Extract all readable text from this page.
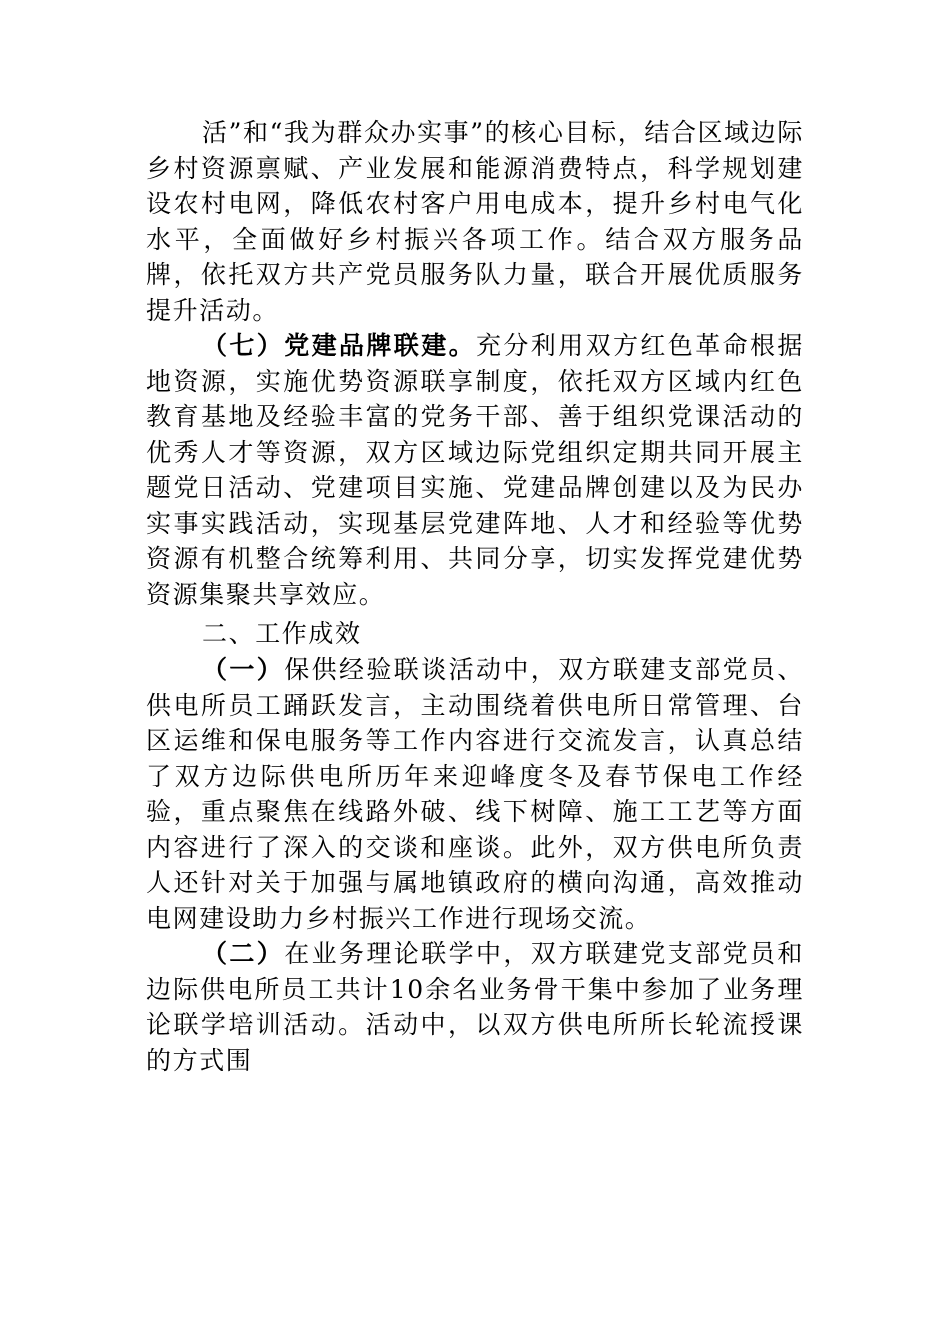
活”和“我为群众办实事”的核心目标，结合区域边际乡村资源禀赋、产业发展和能源消费特点，科学规划建设农村电网，降低农村客户用电成本，提升乡村电气化水平，全面做好乡村振兴各项工作。结合双方服务品牌，依托双方共产党员服务队力量，联合开展优质服务提升活动。

（七）党建品牌联建。充分利用双方红色革命根据地资源，实施优势资源联享制度，依托双方区域内红色教育基地及经验丰富的党务干部、善于组织党课活动的优秀人才等资源，双方区域边际党组织定期共同开展主题党日活动、党建项目实施、党建品牌创建以及为民办实事实践活动，实现基层党建阵地、人才和经验等优势资源有机整合统筹利用、共同分享，切实发挥党建优势资源集聚共享效应。

二、工作成效

（一）保供经验联谈活动中，双方联建支部党员、供电所员工踊跃发言，主动围绕着供电所日常管理、台区运维和保电服务等工作内容进行交流发言，认真总结了双方边际供电所历年来迎峰度冬及春节保电工作经验，重点聚焦在线路外破、线下树障、施工工艺等方面内容进行了深入的交谈和座谈。此外，双方供电所负责人还针对关于加强与属地镇政府的横向沟通，高效推动电网建设助力乡村振兴工作进行现场交流。

（二）在业务理论联学中，双方联建党支部党员和边际供电所员工共计10余名业务骨干集中参加了业务理论联学培训活动。活动中，以双方供电所所长轮流授课的方式围
